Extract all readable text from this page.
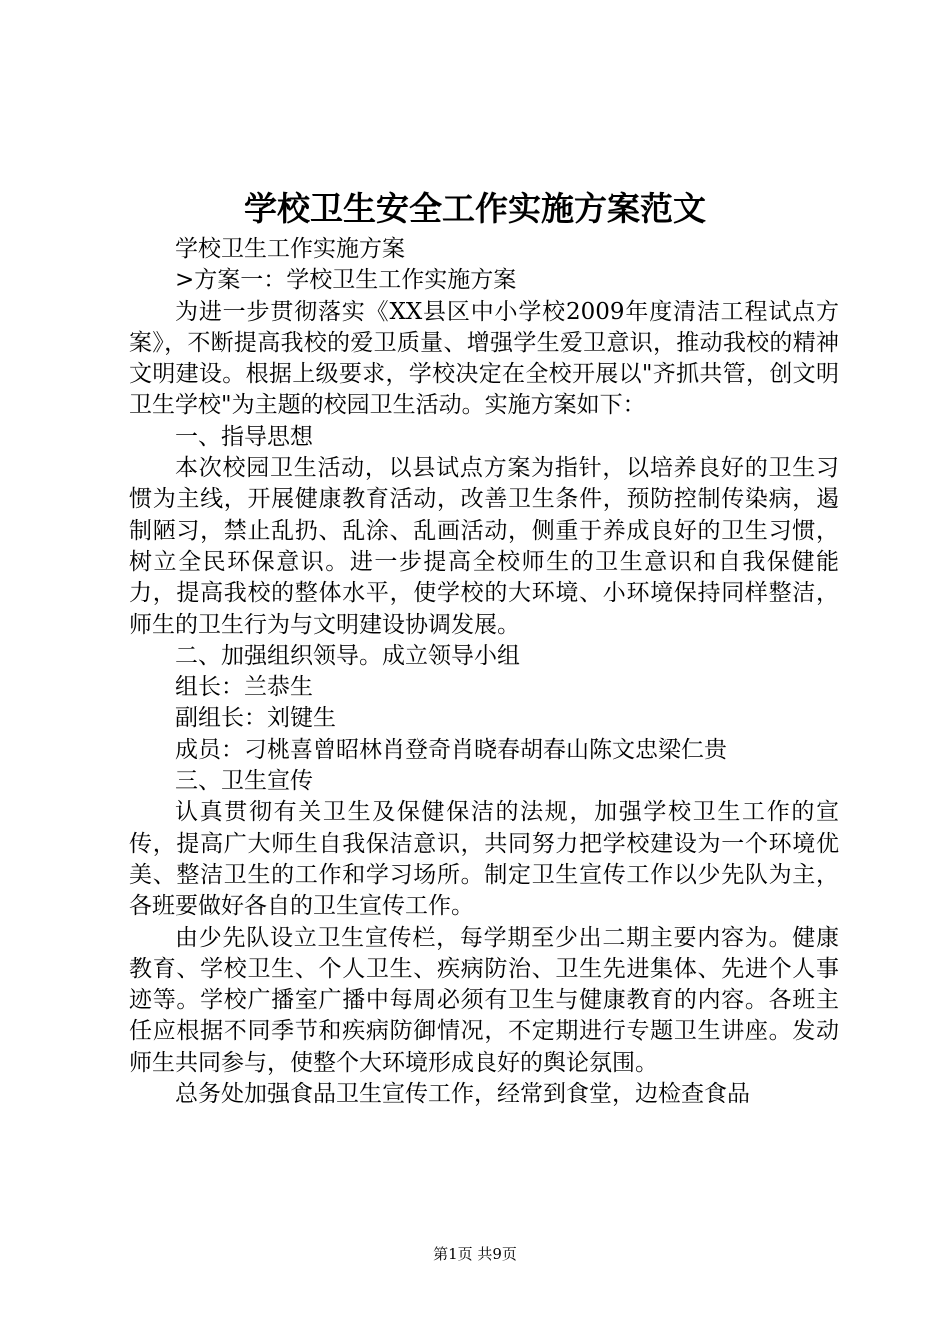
学校卫生安全工作实施方案范文

学校卫生工作实施方案

>方案一：学校卫生工作实施方案

为进一步贯彻落实《XX县区中小学校2009年度清洁工程试点方案》，不断提高我校的爱卫质量、增强学生爱卫意识，推动我校的精神文明建设。根据上级要求，学校决定在全校开展以"齐抓共管，创文明卫生学校"为主题的校园卫生活动。实施方案如下：

一、指导思想

本次校园卫生活动，以县试点方案为指针，以培养良好的卫生习惯为主线，开展健康教育活动，改善卫生条件，预防控制传染病，遏制陋习，禁止乱扔、乱涂、乱画活动，侧重于养成良好的卫生习惯，树立全民环保意识。进一步提高全校师生的卫生意识和自我保健能力，提高我校的整体水平，使学校的大环境、小环境保持同样整洁，师生的卫生行为与文明建设协调发展。

二、加强组织领导。成立领导小组

组长：兰恭生

副组长：刘键生

成员：刁桃喜曾昭林肖登奇肖晓春胡春山陈文忠梁仁贵

三、卫生宣传

认真贯彻有关卫生及保健保洁的法规，加强学校卫生工作的宣传，提高广大师生自我保洁意识，共同努力把学校建设为一个环境优美、整洁卫生的工作和学习场所。制定卫生宣传工作以少先队为主，各班要做好各自的卫生宣传工作。

由少先队设立卫生宣传栏，每学期至少出二期主要内容为。健康教育、学校卫生、个人卫生、疾病防治、卫生先进集体、先进个人事迹等。学校广播室广播中每周必须有卫生与健康教育的内容。各班主任应根据不同季节和疾病防御情况，不定期进行专题卫生讲座。发动师生共同参与，使整个大环境形成良好的舆论氛围。

总务处加强食品卫生宣传工作，经常到食堂，边检查食品

第1页 共9页
